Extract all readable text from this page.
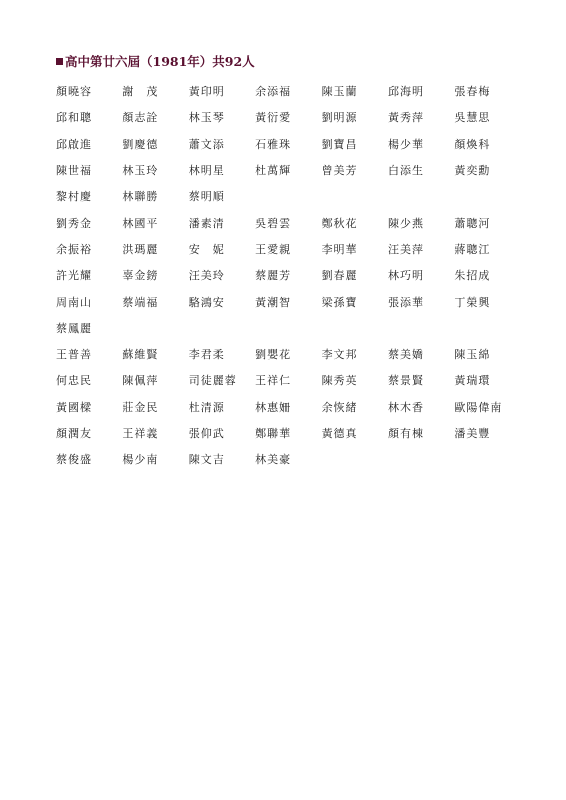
高中第廿六屆（1981年）共92人
顏曉容	謝　茂	黃印明	余添福	陳玉蘭	邱海明	張春梅
邱和聰	顏志詮	林玉琴	黃衍愛	劉明源	黃秀萍	吳慧思
邱啟進	劉慶德	蕭文添	石雅珠	劉寶昌	楊少華	顏煥科
陳世福	林玉玲	林明星	杜萬輝	曾美芳	白添生	黃奕勳
黎村慶	林聯勝	蔡明順
劉秀金	林國平	潘素清	吳碧雲	鄭秋花	陳少燕	蕭聰河
余振裕	洪瑪麗	安　妮	王愛親	李明華	汪美萍	蔣聰江
許光耀	辜金鎊	汪美玲	蔡麗芳	劉春麗	林巧明	朱招成
周南山	蔡端福	駱鴻安	黃潮智	梁孫寶	張添華	丁榮興
蔡鳳麗
王普善	蘇維賢	李君柔	劉嬰花	李文邦	蔡美嬌	陳玉綿
何忠民	陳佩萍	司徒麗蓉	王祥仁	陳秀英	蔡景賢	黃瑞環
黃國樑	莊金民	杜清源	林惠姍	余恢緒	林木香	歐陽偉南
顏潤友	王祥義	張仰武	鄭聯華	黃德真	顏有棟	潘美豐
蔡俊盛	楊少南	陳文吉	林美豪
